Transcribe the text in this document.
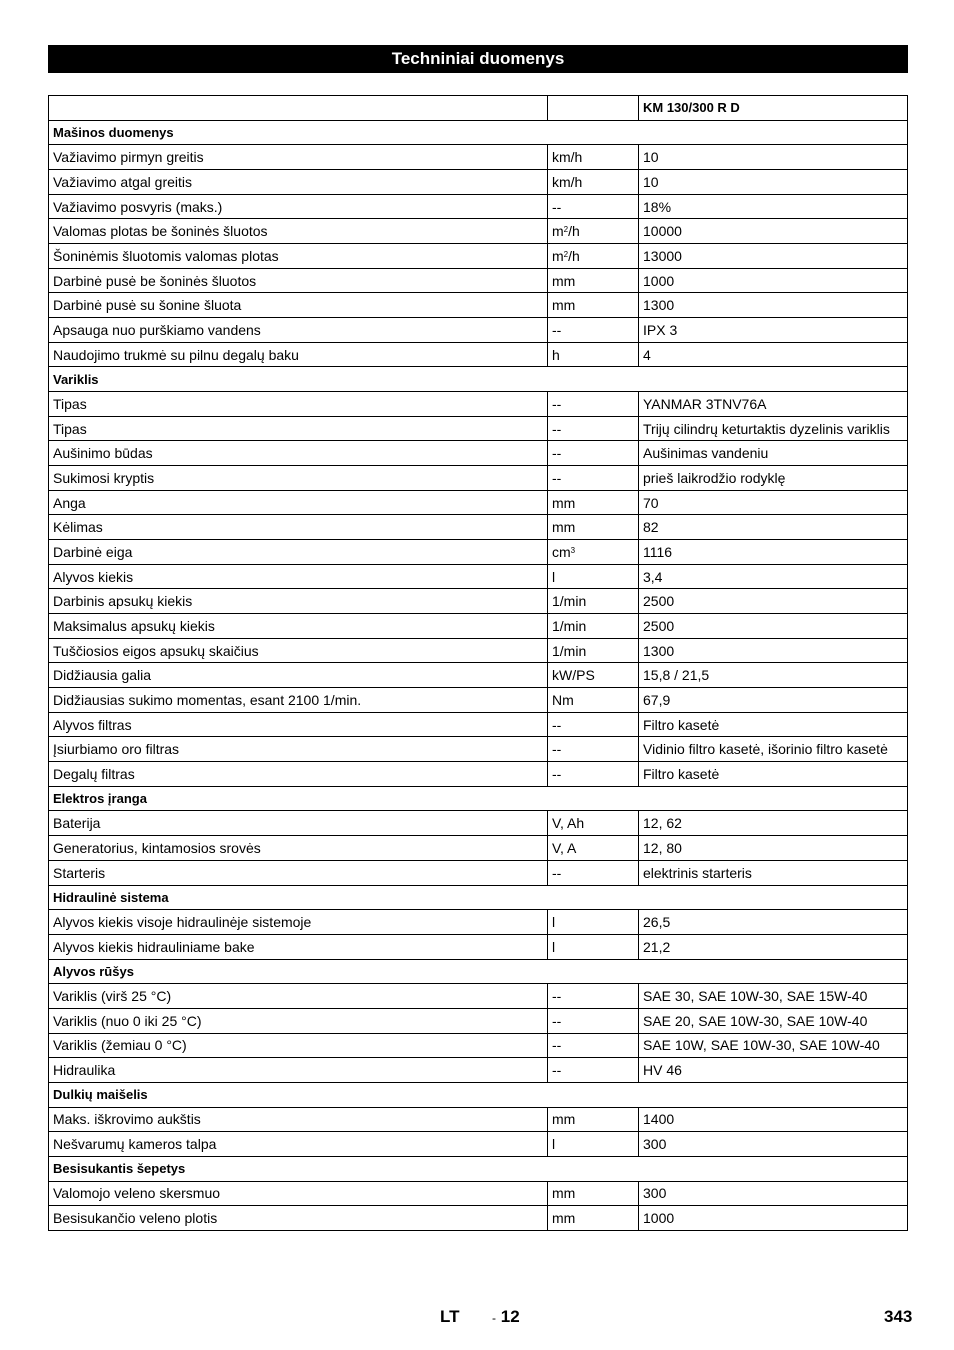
Techniniai duomenys
		KM 130/300 R D
Mašinos duomenys		
Važiavimo pirmyn greitis	km/h	10
Važiavimo atgal greitis	km/h	10
Važiavimo posvyris (maks.)	--	18%
Valomas plotas be šoninės šluotos	$m^2/h$	10000
Šoninėmis šluotomis valomas plotas	$m^2/h$	13000
Darbinė pusė be šoninės šluotos	mm	1000
Darbinė pusė su šonine šluota	mm	1300
Apsauga nuo purškiamo vandens	--	IPX 3
Naudojimo trukmė su pilnu degalų baku	h	4
Variklis		
Tipas	--	YANMAR 3TNV76A
Tipas	--	Trijų cilindrų keturtaktis dyzelinis variklis
Aušinimo būdas	--	Aušinimas vandeniu
Sukimosi kryptis	--	prieš laikrodžio rodyklę
Anga	mm	70
Kėlimas	mm	82
Darbinė eiga	$cm^3$	1116
Alyvos kiekis	l	3,4
Darbinis apsukų kiekis	1/min	2500
Maksimalus apsukų kiekis	1/min	2500
Tuščiosios eigos apsukų skaičius	1/min	1300
Didžiausia galia	kW/PS	15,8 / 21,5
Didžiausias sukimo momentas, esant 2100 1/min.	Nm	67,9
Alyvos filtras	--	Filtro kasetė
Įsiurbiamo oro filtras	--	Vidinio filtro kasetė, išorinio filtro kasetė
Degalų filtras	--	Filtro kasetė
Elektros įranga		
Baterija	V, Ah	12, 62
Generatorius, kintamosios srovės	V, A	12, 80
Starteris	--	elektrinis starteris
Hidraulinė sistema		
Alyvos kiekis visoje hidraulinėje sistemoje	l	26,5
Alyvos kiekis hidrauliniame bake	l	21,2
Alyvos rūšys		
Variklis (virš 25 °C)	--	SAE 30, SAE 10W-30, SAE 15W-40
Variklis (nuo 0 iki 25 °C)	--	SAE 20, SAE 10W-30, SAE 10W-40
Variklis (žemiau 0 °C)	--	SAE 10W, SAE 10W-30, SAE 10W-40
Hidraulika	--	HV 46
Dulkių maišelis		
Maks. iškrovimo aukštis	mm	1400
Nešvarumų kameros talpa	l	300
Besisukantis šepetys		
Valomojo veleno skersmuo	mm	300
Besisukančio veleno plotis	mm	1000
LT	- 12	343
